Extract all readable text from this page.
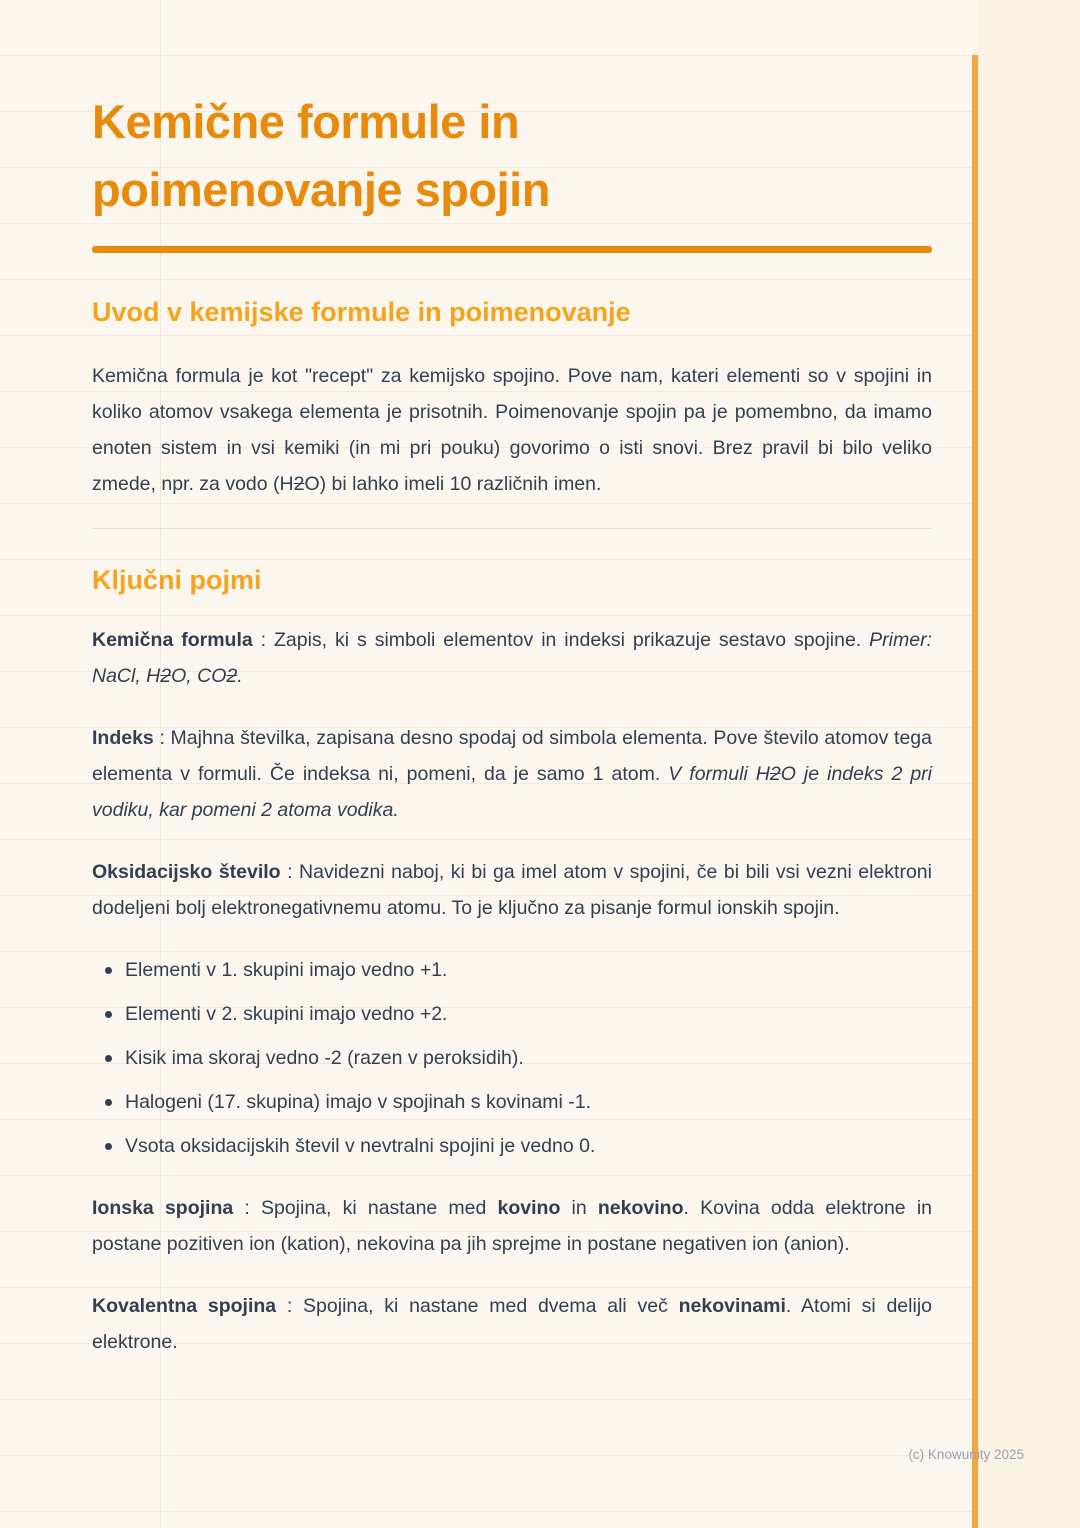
Kemične formule in poimenovanje spojin
Uvod v kemijske formule in poimenovanje

Kemična formula je kot "recept" za kemijsko spojino. Pove nam, kateri elementi so v spojini in koliko atomov vsakega elementa je prisotnih. Poimenovanje spojin pa je pomembno, da imamo enoten sistem in vsi kemiki (in mi pri pouku) govorimo o isti snovi. Brez pravil bi bilo veliko zmede, npr. za vodo (H2O) bi lahko imeli 10 različnih imen.

Ključni pojmi

Kemična formula : Zapis, ki s simboli elementov in indeksi prikazuje sestavo spojine. Primer: NaCl, H2O, CO2.

Indeks : Majhna številka, zapisana desno spodaj od simbola elementa. Pove število atomov tega elementa v formuli. Če indeksa ni, pomeni, da je samo 1 atom. V formuli H2O je indeks 2 pri vodiku, kar pomeni 2 atoma vodika.

Oksidacijsko število : Navidezni naboj, ki bi ga imel atom v spojini, če bi bili vsi vezni elektroni dodeljeni bolj elektronegativnemu atomu. To je ključno za pisanje formul ionskih spojin.

Elementi v 1. skupini imajo vedno +1.
Elementi v 2. skupini imajo vedno +2.
Kisik ima skoraj vedno -2 (razen v peroksidih).
Halogeni (17. skupina) imajo v spojinah s kovinami -1.
Vsota oksidacijskih števil v nevtralni spojini je vedno 0.

Ionska spojina : Spojina, ki nastane med kovino in nekovino. Kovina odda elektrone in postane pozitiven ion (kation), nekovina pa jih sprejme in postane negativen ion (anion).

Kovalentna spojina : Spojina, ki nastane med dvema ali več nekovinami. Atomi si delijo elektrone.

(c) Knowunity 2025
